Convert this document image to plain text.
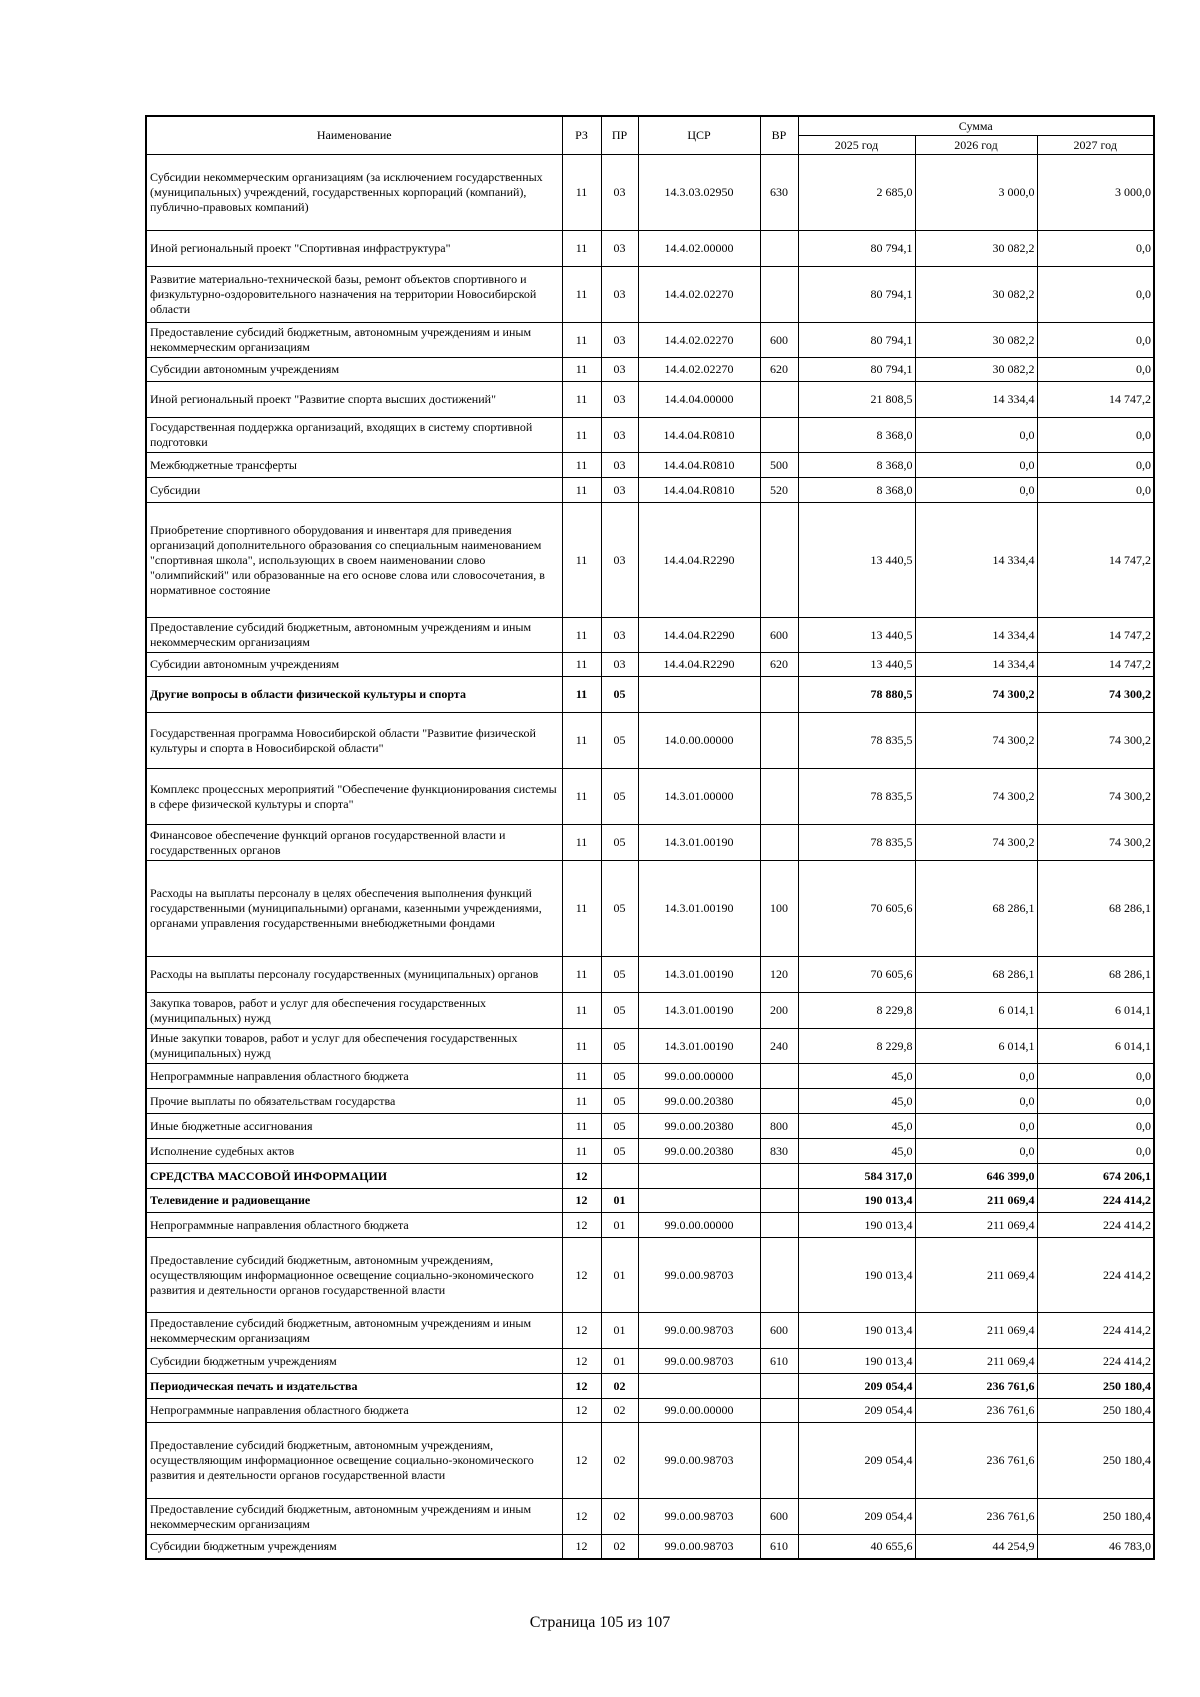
Наименование	РЗ	ПР	ЦСР	ВР	Сумма		
					2025 год	2026 год	2027 год
Субсидии некоммерческим организациям (за исключением государственных (муниципальных) учреждений, государственных корпораций (компаний), публично-правовых компаний)	11	03	14.3.03.02950	630	2 685,0	3 000,0	3 000,0
Иной региональный проект "Спортивная инфраструктура"	11	03	14.4.02.00000		80 794,1	30 082,2	0,0
Развитие материально-технической базы, ремонт объектов спортивного и физкультурно-оздоровительного назначения на территории Новосибирской области	11	03	14.4.02.02270		80 794,1	30 082,2	0,0
Предоставление субсидий бюджетным, автономным учреждениям и иным некоммерческим организациям	11	03	14.4.02.02270	600	80 794,1	30 082,2	0,0
Субсидии автономным учреждениям	11	03	14.4.02.02270	620	80 794,1	30 082,2	0,0
Иной региональный проект "Развитие спорта высших достижений"	11	03	14.4.04.00000		21 808,5	14 334,4	14 747,2
Государственная поддержка организаций, входящих в систему спортивной подготовки	11	03	14.4.04.R0810		8 368,0	0,0	0,0
Межбюджетные трансферты	11	03	14.4.04.R0810	500	8 368,0	0,0	0,0
Субсидии	11	03	14.4.04.R0810	520	8 368,0	0,0	0,0
Приобретение спортивного оборудования и инвентаря для приведения организаций дополнительного образования со специальным наименованием "спортивная школа", использующих в своем наименовании слово "олимпийский" или образованные на его основе слова или словосочетания, в нормативное состояние	11	03	14.4.04.R2290		13 440,5	14 334,4	14 747,2
Предоставление субсидий бюджетным, автономным учреждениям и иным некоммерческим организациям	11	03	14.4.04.R2290	600	13 440,5	14 334,4	14 747,2
Субсидии автономным учреждениям	11	03	14.4.04.R2290	620	13 440,5	14 334,4	14 747,2
Другие вопросы в области физической культуры и спорта	11	05			78 880,5	74 300,2	74 300,2
Государственная программа Новосибирской области "Развитие физической культуры и спорта в Новосибирской области"	11	05	14.0.00.00000		78 835,5	74 300,2	74 300,2
Комплекс процессных мероприятий "Обеспечение функционирования системы в сфере физической культуры и спорта"	11	05	14.3.01.00000		78 835,5	74 300,2	74 300,2
Финансовое обеспечение функций органов государственной власти и государственных органов	11	05	14.3.01.00190		78 835,5	74 300,2	74 300,2
Расходы на выплаты персоналу в целях обеспечения выполнения функций государственными (муниципальными) органами, казенными учреждениями, органами управления государственными внебюджетными фондами	11	05	14.3.01.00190	100	70 605,6	68 286,1	68 286,1
Расходы на выплаты персоналу государственных (муниципальных) органов	11	05	14.3.01.00190	120	70 605,6	68 286,1	68 286,1
Закупка товаров, работ и услуг для обеспечения государственных (муниципальных) нужд	11	05	14.3.01.00190	200	8 229,8	6 014,1	6 014,1
Иные закупки товаров, работ и услуг для обеспечения государственных (муниципальных) нужд	11	05	14.3.01.00190	240	8 229,8	6 014,1	6 014,1
Непрограммные направления областного бюджета	11	05	99.0.00.00000		45,0	0,0	0,0
Прочие выплаты по обязательствам государства	11	05	99.0.00.20380		45,0	0,0	0,0
Иные бюджетные ассигнования	11	05	99.0.00.20380	800	45,0	0,0	0,0
Исполнение судебных актов	11	05	99.0.00.20380	830	45,0	0,0	0,0
СРЕДСТВА МАССОВОЙ ИНФОРМАЦИИ	12				584 317,0	646 399,0	674 206,1
Телевидение и радиовещание	12	01			190 013,4	211 069,4	224 414,2
Непрограммные направления областного бюджета	12	01	99.0.00.00000		190 013,4	211 069,4	224 414,2
Предоставление субсидий бюджетным, автономным учреждениям, осуществляющим информационное освещение социально-экономического развития и деятельности органов государственной власти	12	01	99.0.00.98703		190 013,4	211 069,4	224 414,2
Предоставление субсидий бюджетным, автономным учреждениям и иным некоммерческим организациям	12	01	99.0.00.98703	600	190 013,4	211 069,4	224 414,2
Субсидии бюджетным учреждениям	12	01	99.0.00.98703	610	190 013,4	211 069,4	224 414,2
Периодическая печать и издательства	12	02			209 054,4	236 761,6	250 180,4
Непрограммные направления областного бюджета	12	02	99.0.00.00000		209 054,4	236 761,6	250 180,4
Предоставление субсидий бюджетным, автономным учреждениям, осуществляющим информационное освещение социально-экономического развития и деятельности органов государственной власти	12	02	99.0.00.98703		209 054,4	236 761,6	250 180,4
Предоставление субсидий бюджетным, автономным учреждениям и иным некоммерческим организациям	12	02	99.0.00.98703	600	209 054,4	236 761,6	250 180,4
Субсидии бюджетным учреждениям	12	02	99.0.00.98703	610	40 655,6	44 254,9	46 783,0
Страница 105 из 107
